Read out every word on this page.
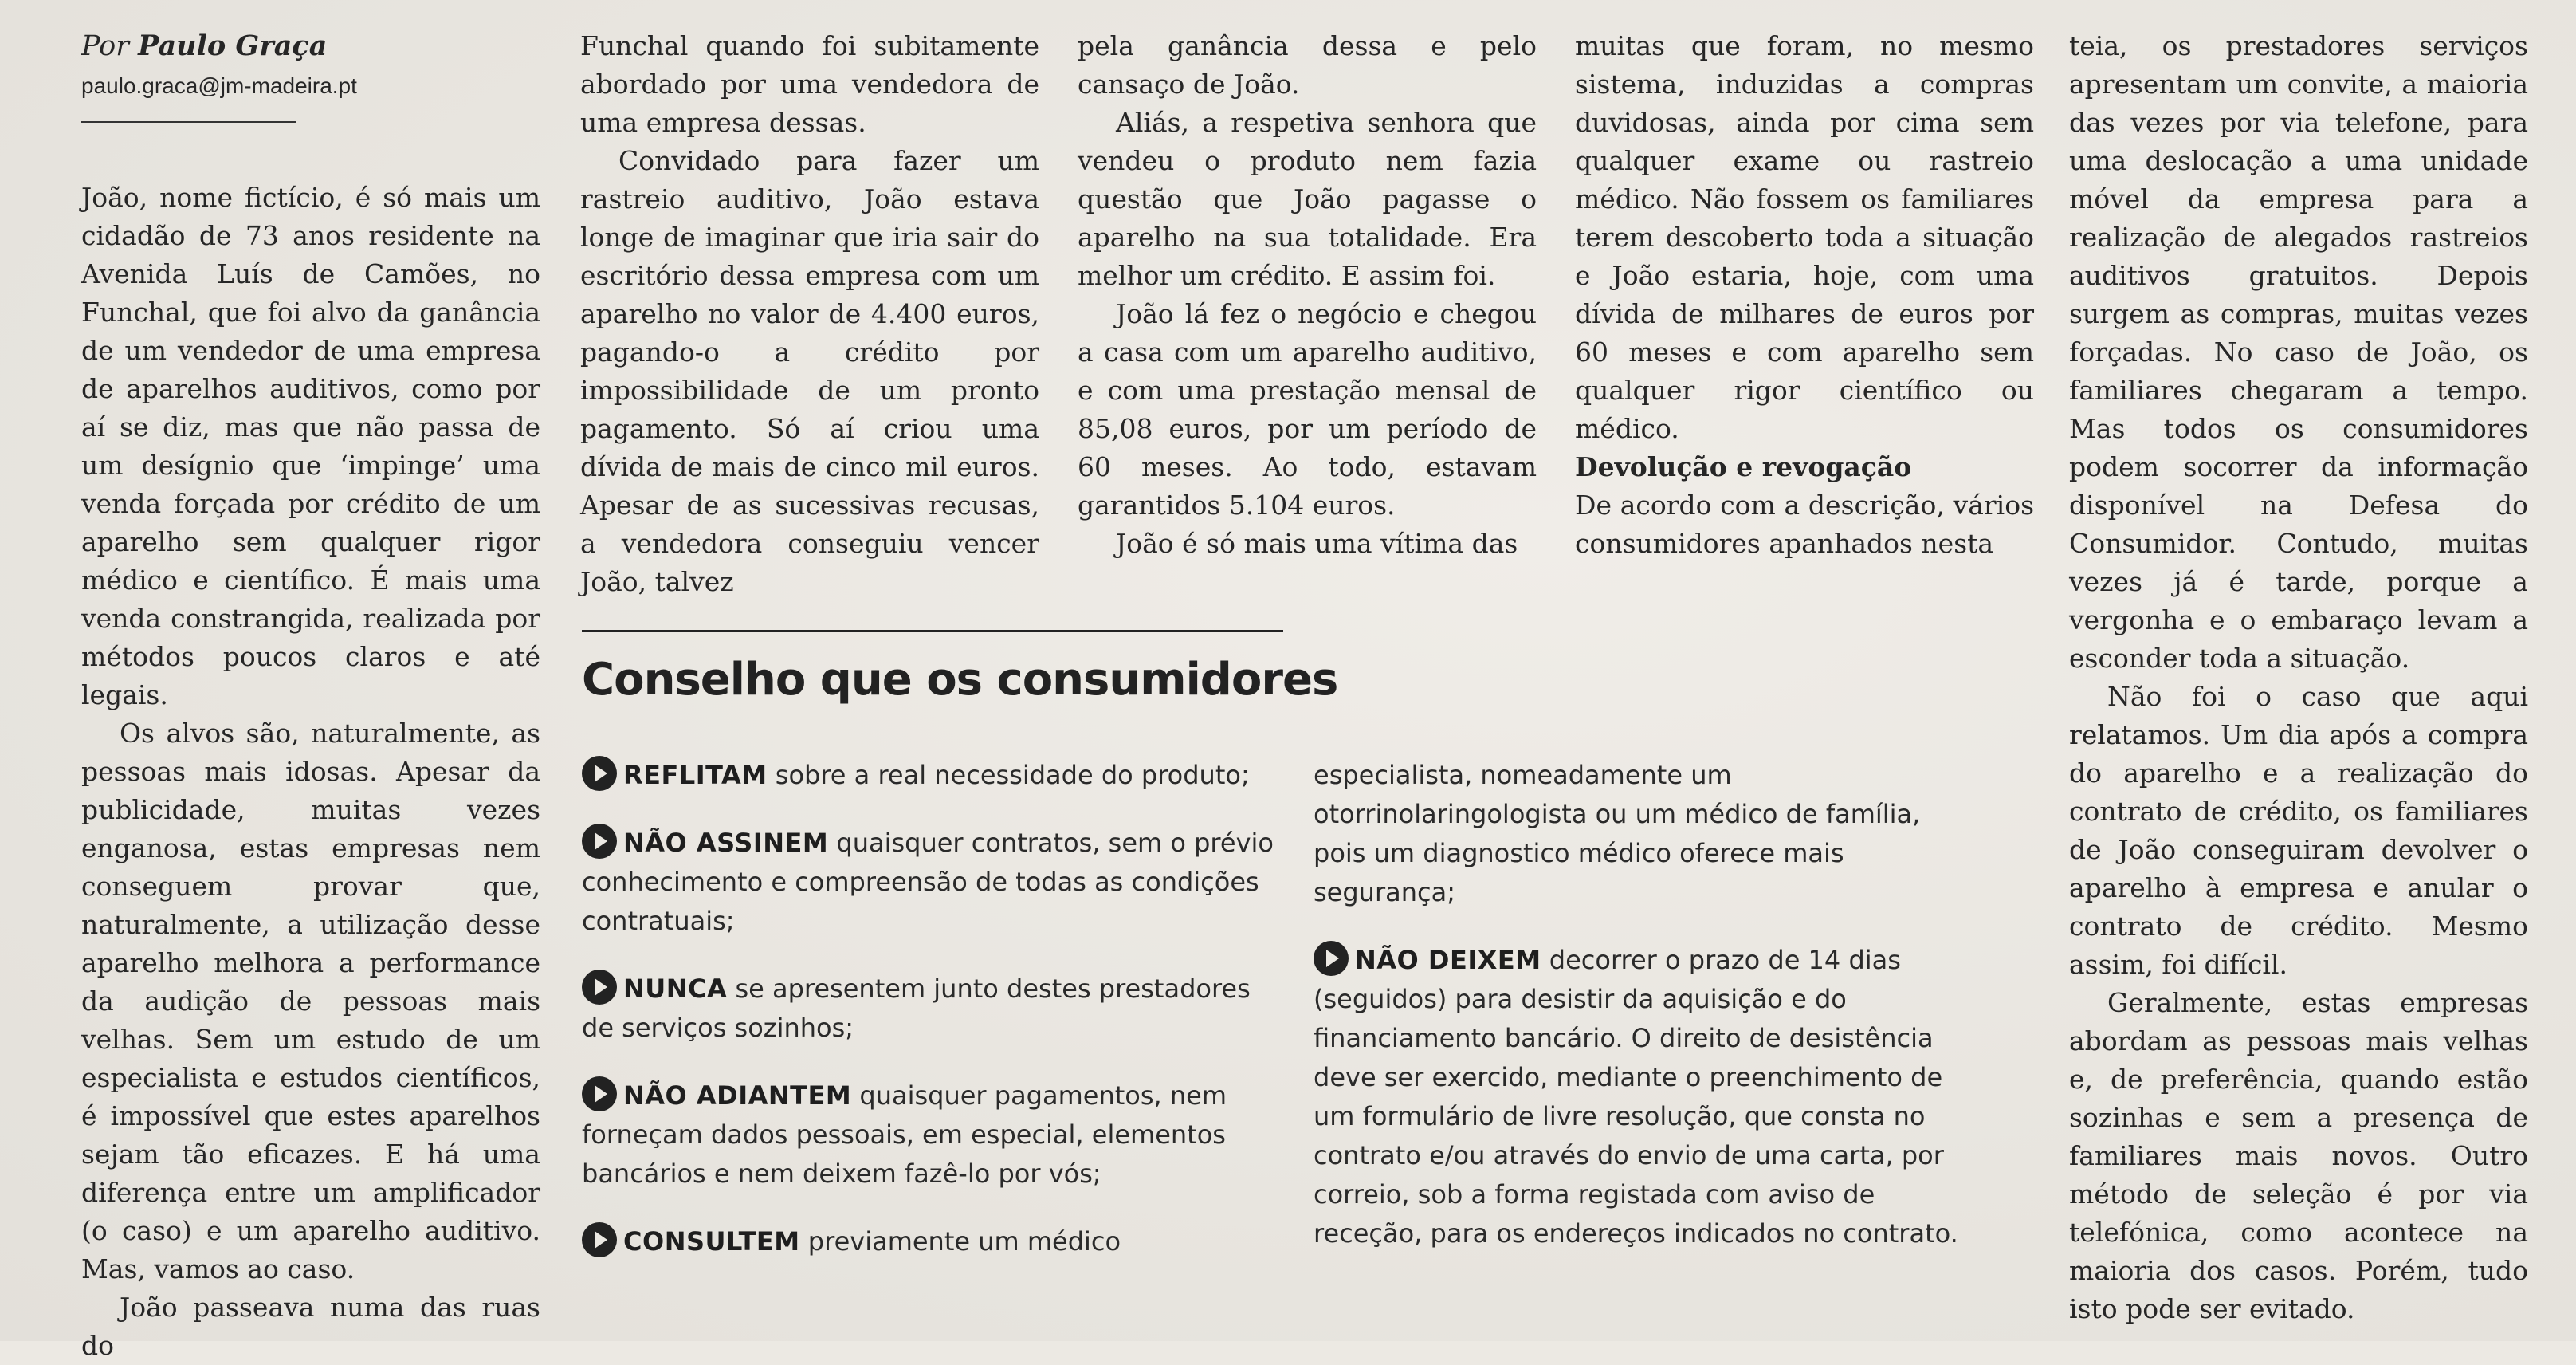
Por Paulo Graça
paulo.graca@jm-madeira.pt

João, nome fictício, é só mais um cidadão de 73 anos residente na Avenida Luís de Camões, no Funchal, que foi alvo da ganância de um vendedor de uma empresa de aparelhos auditivos, como por aí se diz, mas que não passa de um desígnio que ‘impinge’ uma venda forçada por crédito de um aparelho sem qualquer rigor médico e científico. É mais uma venda constrangida, realizada por métodos poucos claros e até legais.

Os alvos são, naturalmente, as pessoas mais idosas. Apesar da publicidade, muitas vezes enganosa, estas empresas nem conseguem provar que, naturalmente, a utilização desse aparelho melhora a performance da audição de pessoas mais velhas. Sem um estudo de um especialista e estudos científicos, é impossível que estes aparelhos sejam tão eficazes. E há uma diferença entre um amplificador (o caso) e um aparelho auditivo. Mas, vamos ao caso.

João passeava numa das ruas do

Funchal quando foi subitamente abordado por uma vendedora de uma empresa dessas.

Convidado para fazer um rastreio auditivo, João estava longe de imaginar que iria sair do escritório dessa empresa com um aparelho no valor de 4.400 euros, pagando-o a crédito por impossibilidade de um pronto pagamento. Só aí criou uma dívida de mais de cinco mil euros. Apesar de as sucessivas recusas, a vendedora conseguiu vencer João, talvez

pela ganância dessa e pelo cansaço de João.

Aliás, a respetiva senhora que vendeu o produto nem fazia questão que João pagasse o aparelho na sua totalidade. Era melhor um crédito. E assim foi.

João lá fez o negócio e chegou a casa com um aparelho auditivo, e com uma prestação mensal de 85,08 euros, por um período de 60 meses. Ao todo, estavam garantidos 5.104 euros.

João é só mais uma vítima das

muitas que foram, no mesmo sistema, induzidas a compras duvidosas, ainda por cima sem qualquer exame ou rastreio médico. Não fossem os familiares terem descoberto toda a situação e João estaria, hoje, com uma dívida de milhares de euros por 60 meses e com aparelho sem qualquer rigor científico ou médico.

Devolução e revogação

De acordo com a descrição, vários consumidores apanhados nesta

teia, os prestadores serviços apresentam um convite, a maioria das vezes por via telefone, para uma deslocação a uma unidade móvel da empresa para a realização de alegados rastreios auditivos gratuitos. Depois surgem as compras, muitas vezes forçadas. No caso de João, os familiares chegaram a tempo. Mas todos os consumidores podem socorrer da informação disponível na Defesa do Consumidor. Contudo, muitas vezes já é tarde, porque a vergonha e o embaraço levam a esconder toda a situação.

Não foi o caso que aqui relatamos. Um dia após a compra do aparelho e a realização do contrato de crédito, os familiares de João conseguiram devolver o aparelho à empresa e anular o contrato de crédito. Mesmo assim, foi difícil.

Geralmente, estas empresas abordam as pessoas mais velhas e, de preferência, quando estão sozinhas e sem a presença de familiares mais novos. Outro método de seleção é por via telefónica, como acontece na maioria dos casos. Porém, tudo isto pode ser evitado.

Conselho que os consumidores
REFLITAM sobre a real necessidade do produto;
NÃO ASSINEM quaisquer contratos, sem o prévio conhecimento e compreensão de todas as condições contratuais;
NUNCA se apresentem junto destes prestadores de serviços sozinhos;
NÃO ADIANTEM quaisquer pagamentos, nem forneçam dados pessoais, em especial, elementos bancários e nem deixem fazê-lo por vós;
CONSULTEM previamente um médico
especialista, nomeadamente um otorrinolaringologista ou um médico de família, pois um diagnostico médico oferece mais segurança;
NÃO DEIXEM decorrer o prazo de 14 dias (seguidos) para desistir da aquisição e do financiamento bancário. O direito de desistência deve ser exercido, mediante o preenchimento de um formulário de livre resolução, que consta no contrato e/ou através do envio de uma carta, por correio, sob a forma registada com aviso de receção, para os endereços indicados no contrato.
